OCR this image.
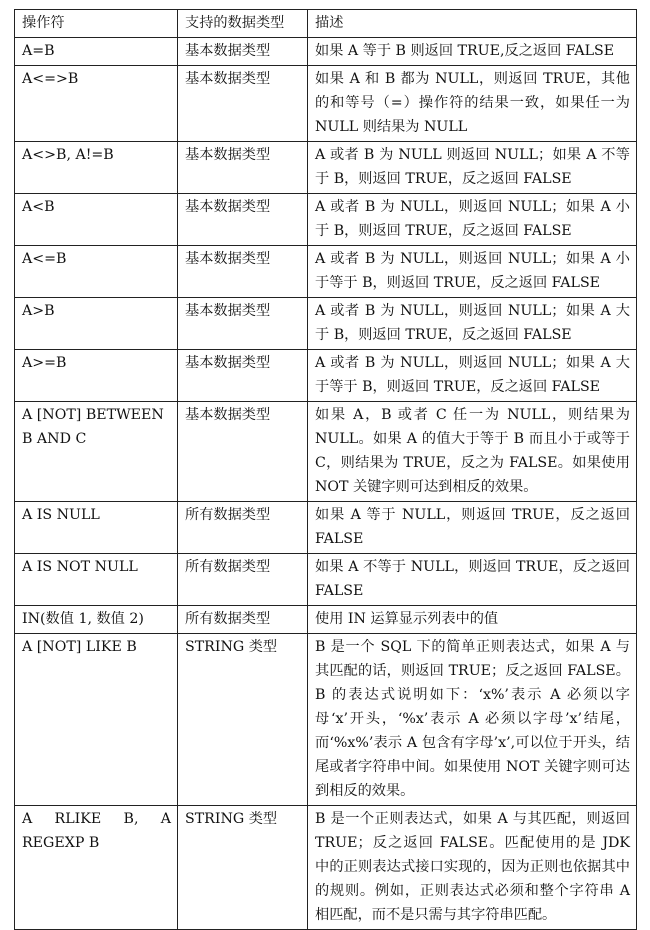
操作符	支持的数据类型	描述
A=B	基本数据类型	如果 A 等于 B 则返回 TRUE,反之返回 FALSE
A<=>B	基本数据类型	如果 A 和 B 都为 NULL，则返回 TRUE，其他的和等号（=）操作符的结果一致，如果任一为 NULL 则结果为 NULL
A<>B, A!=B	基本数据类型	A 或者 B 为 NULL 则返回 NULL；如果 A 不等于 B，则返回 TRUE，反之返回 FALSE
A<B	基本数据类型	A 或者 B 为 NULL，则返回 NULL；如果 A 小于 B，则返回 TRUE，反之返回 FALSE
A<=B	基本数据类型	A 或者 B 为 NULL，则返回 NULL；如果 A 小于等于 B，则返回 TRUE，反之返回 FALSE
A>B	基本数据类型	A 或者 B 为 NULL，则返回 NULL；如果 A 大于 B，则返回 TRUE，反之返回 FALSE
A>=B	基本数据类型	A 或者 B 为 NULL，则返回 NULL；如果 A 大于等于 B，则返回 TRUE，反之返回 FALSE
A [NOT] BETWEEN B AND C	基本数据类型	如果 A，B 或者 C 任一为 NULL，则结果为 NULL。如果 A 的值大于等于 B 而且小于或等于 C，则结果为 TRUE，反之为 FALSE。如果使用 NOT 关键字则可达到相反的效果。
A IS NULL	所有数据类型	如果 A 等于 NULL，则返回 TRUE，反之返回 FALSE
A IS NOT NULL	所有数据类型	如果 A 不等于 NULL，则返回 TRUE，反之返回 FALSE
IN(数值 1, 数值 2)	所有数据类型	使用 IN 运算显示列表中的值
A [NOT] LIKE B	STRING 类型	B 是一个 SQL 下的简单正则表达式，如果 A 与其匹配的话，则返回 TRUE；反之返回 FALSE。B 的表达式说明如下：‘x%’表示 A 必须以字母‘x’开头，‘%x’表示 A 必须以字母’x’结尾，而‘%x%’表示 A 包含有字母’x’,可以位于开头，结尾或者字符串中间。如果使用 NOT 关键字则可达到相反的效果。
A RLIKE B, A REGEXP B	STRING 类型	B 是一个正则表达式，如果 A 与其匹配，则返回 TRUE；反之返回 FALSE。匹配使用的是 JDK 中的正则表达式接口实现的，因为正则也依据其中的规则。例如，正则表达式必须和整个字符串 A 相匹配，而不是只需与其字符串匹配。
